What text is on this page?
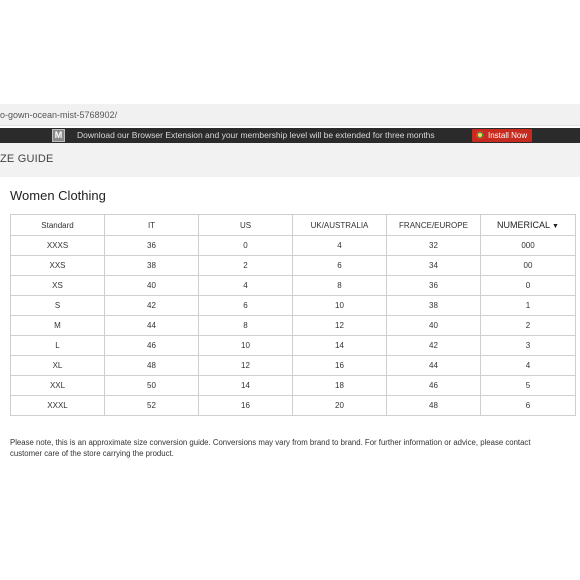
o-gown-ocean-mist-5768902/
M	Download our Browser Extension and your membership level will be extended for three months	Install Now
ZE GUIDE
Women Clothing
Standard	IT	US	UK/AUSTRALIA	FRANCE/EUROPE	NUMERICAL ▼
XXXS	36	0	4	32	000
XXS	38	2	6	34	00
XS	40	4	8	36	0
S	42	6	10	38	1
M	44	8	12	40	2
L	46	10	14	42	3
XL	48	12	16	44	4
XXL	50	14	18	46	5
XXXL	52	16	20	48	6
Please note, this is an approximate size conversion guide. Conversions may vary from brand to brand. For further information or advice, please contact customer care of the store carrying the product.
